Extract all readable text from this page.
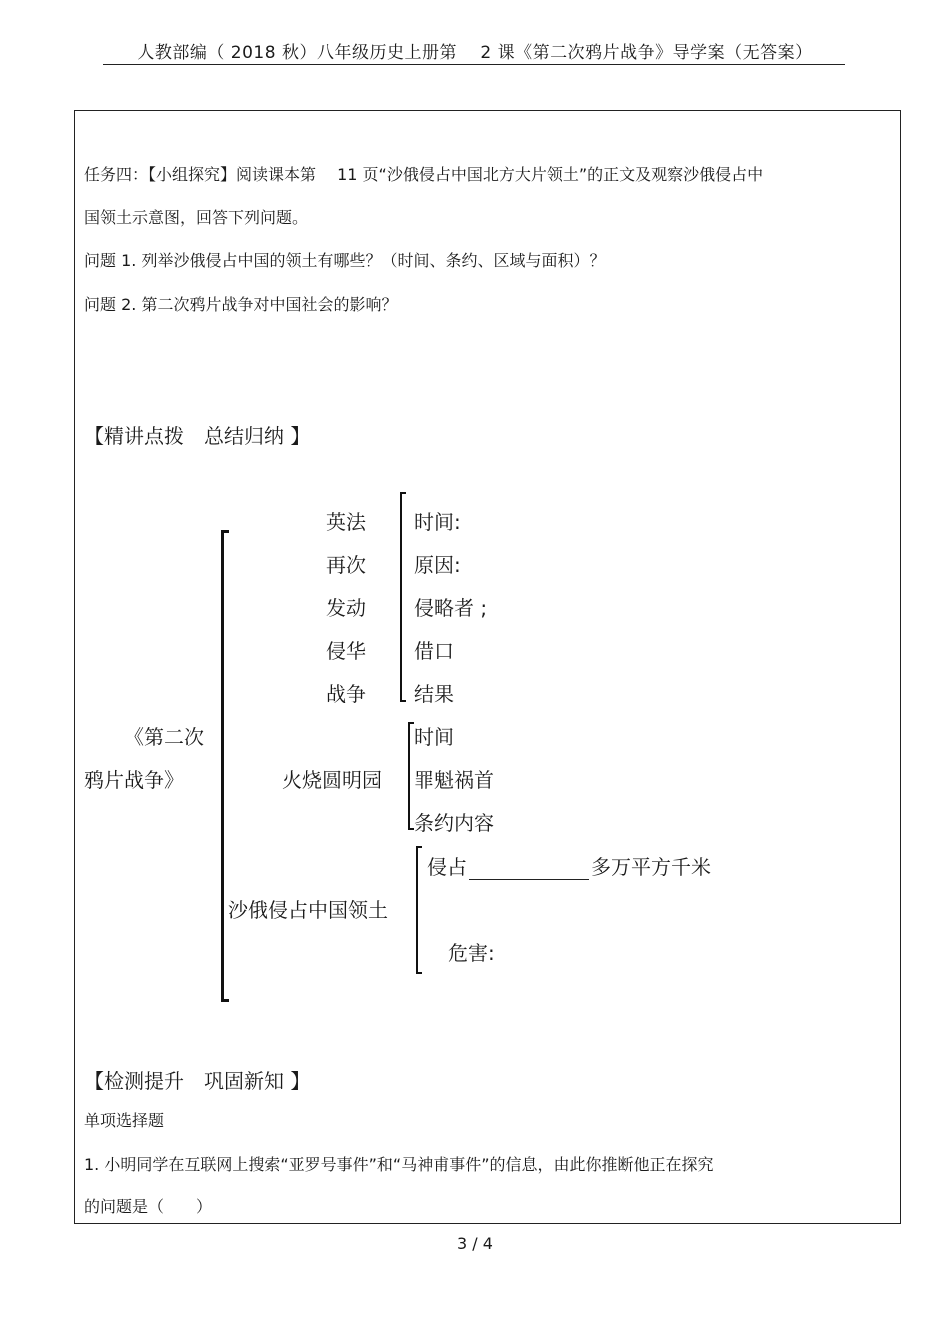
人教部编（ 2018 秋）八年级历史上册第　 2 课《第二次鸦片战争》导学案（无答案）
任务四：【小组探究】阅读课本第　 11 页“沙俄侵占中国北方大片领土”的正文及观察沙俄侵占中
国领土示意图，回答下列问题。
问题 1. 列举沙俄侵占中国的领土有哪些？（时间、条约、区域与面积）？
问题 2. 第二次鸦片战争对中国社会的影响？
【精讲点拨　总结归纳 】
《第二次
鸦片战争》
英法
再次
发动
侵华
战争
时间:
原因:
侵略者 ;
借口
结果
火烧圆明园
时间
罪魁祸首
条约内容
沙俄侵占中国领土
侵占	多万平方千米
危害:
【检测提升　巩固新知 】
单项选择题
1. 小明同学在互联网上搜索“亚罗号事件”和“马神甫事件”的信息，由此你推断他正在探究
的问题是（　　）
3 / 4
